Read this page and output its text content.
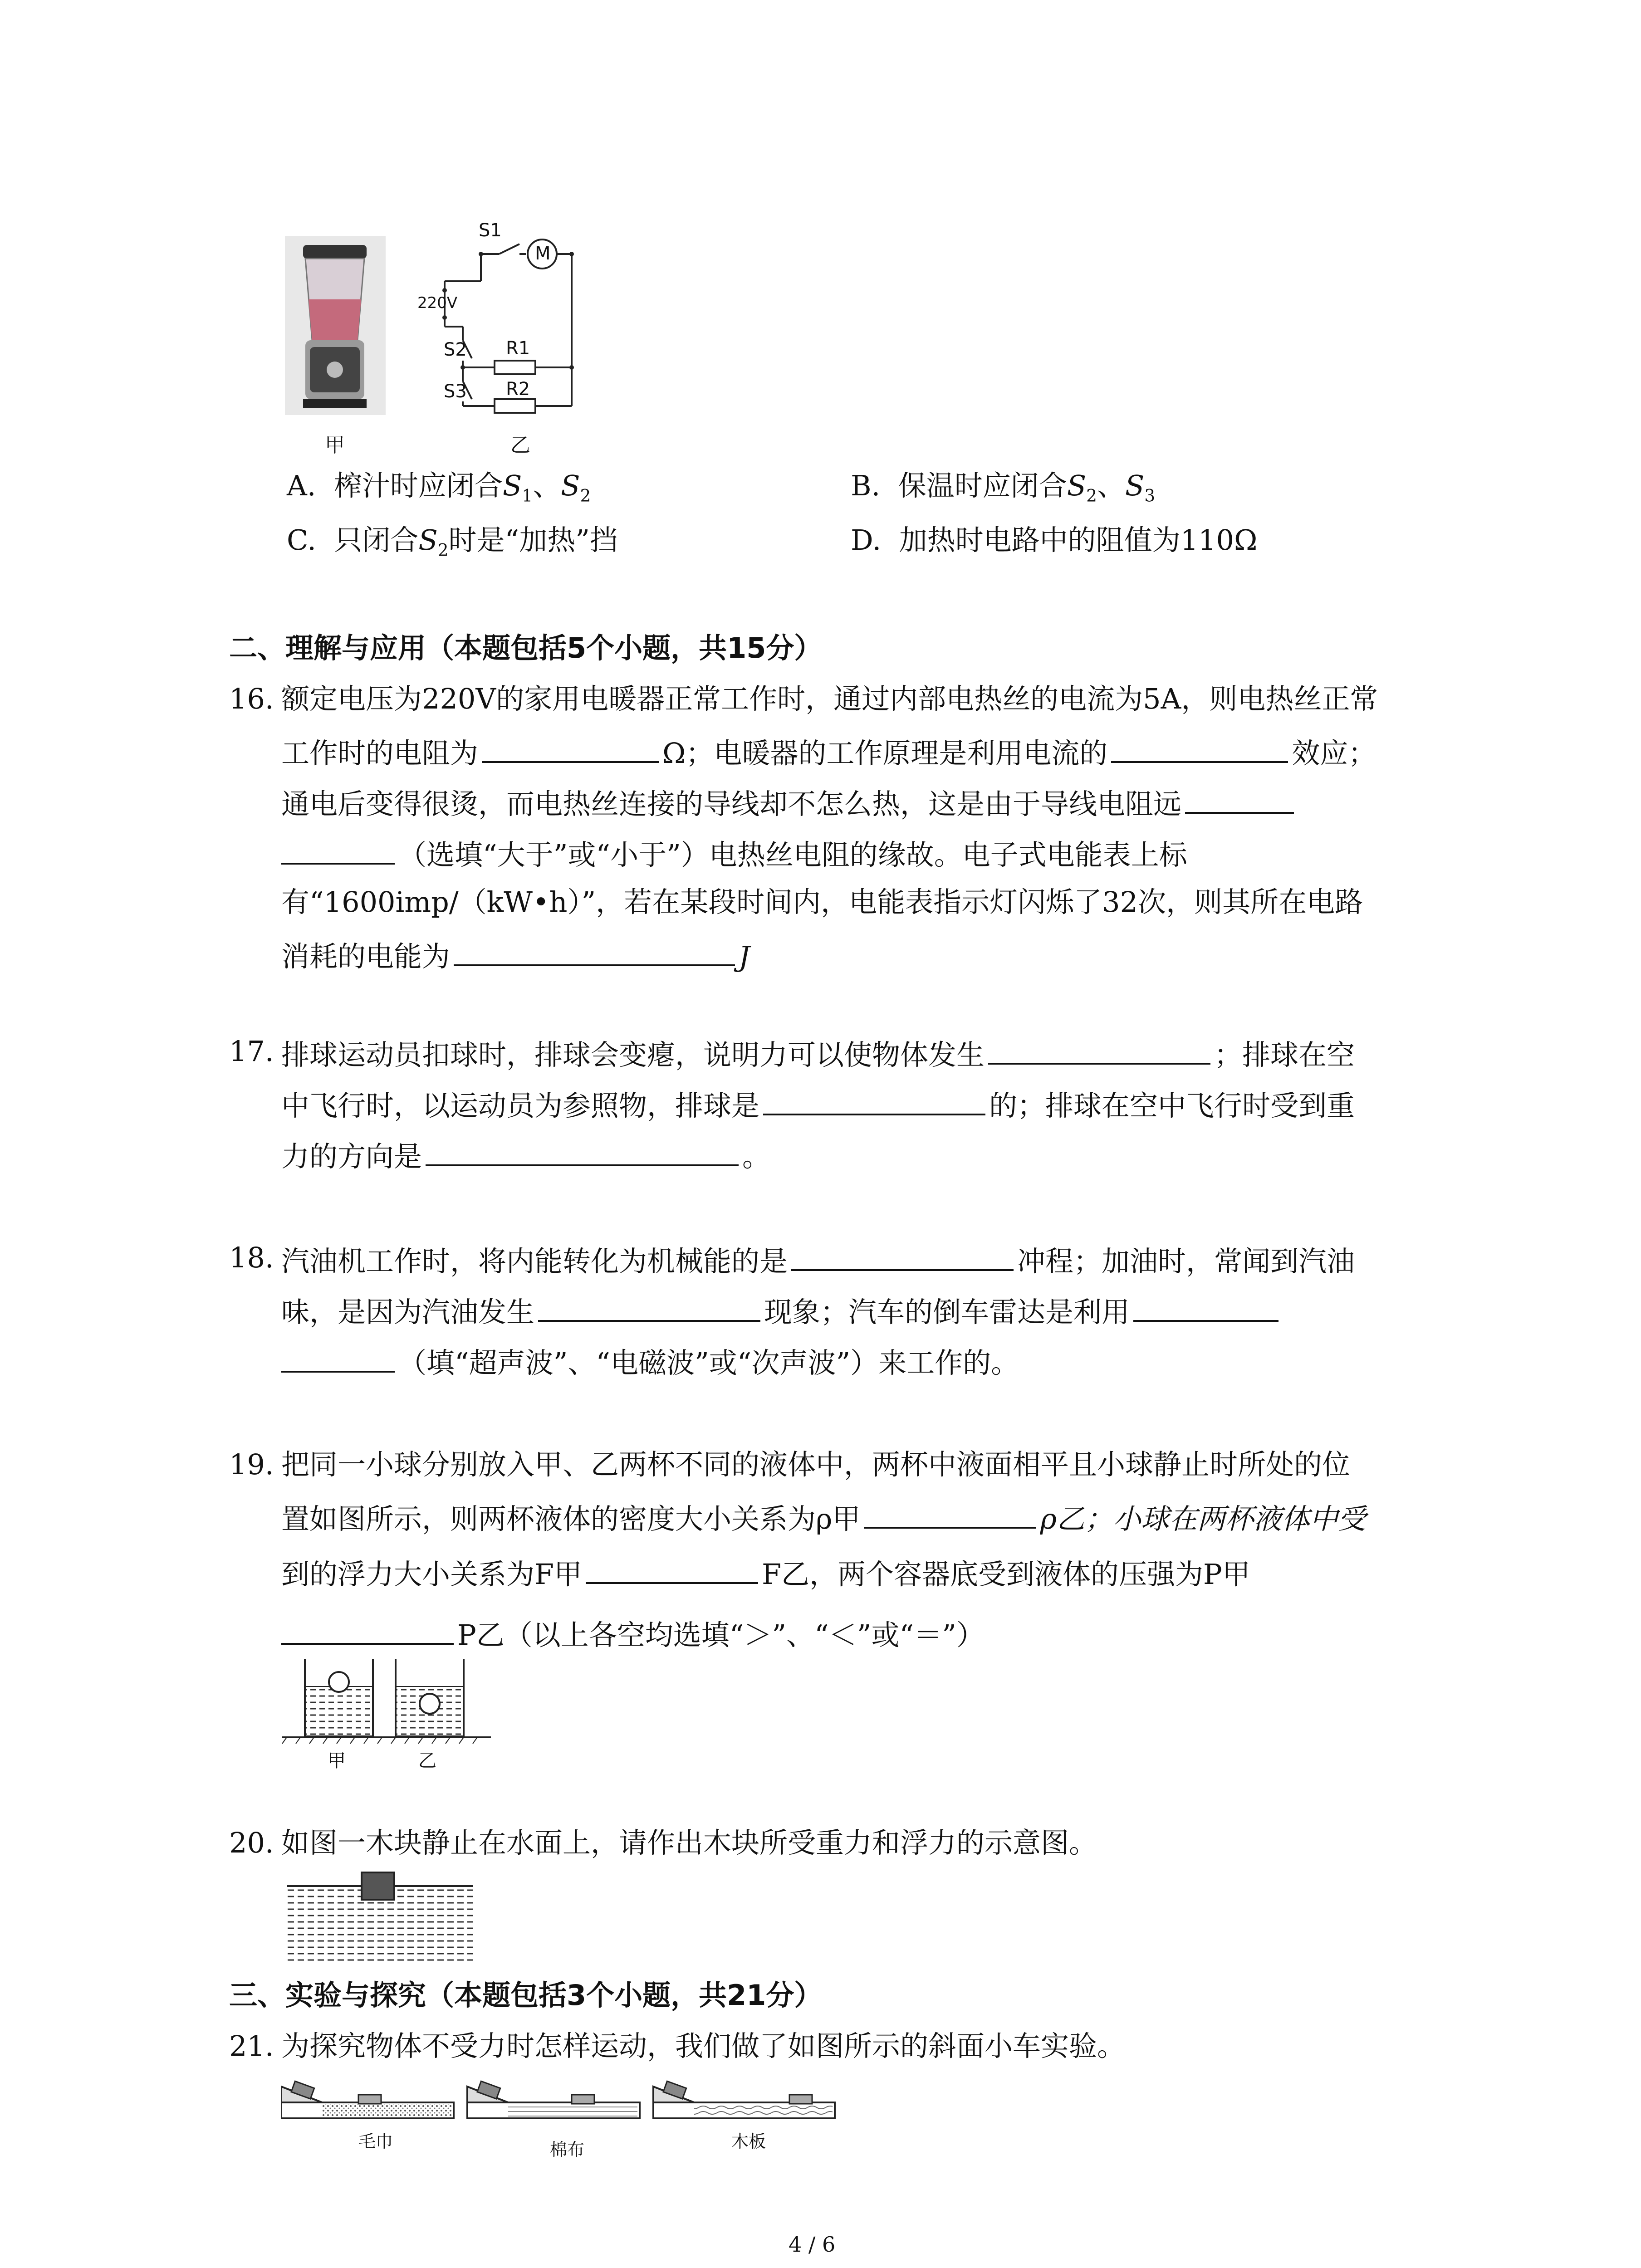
甲
S1
M
220V
S2 R1
S3 R2
乙
A. 榨汁时应闭合$S_1$、$S_2$	B. 保温时应闭合$S_2$、$S_3$
C. 只闭合$S_2$时是“加热”挡	D. 加热时电路中的阻值为110Ω
二、理解与应用（本题包括5个小题，共15分）
16. 额定电压为220V的家用电暖器正常工作时，通过内部电热丝的电流为5A，则电热丝正常
工作时的电阻为	Ω；电暖器的工作原理是利用电流的	效应；
通电后变得很烫，而电热丝连接的导线却不怎么热，这是由于导线电阻远
（选填“大于”或“小于”）电热丝电阻的缘故。电子式电能表上标
有“1600imp/（kW•h）”，若在某段时间内，电能表指示灯闪烁了32次，则其所在电路
消耗的电能为	J
17. 排球运动员扣球时，排球会变瘪，说明力可以使物体发生	；排球在空
中飞行时，以运动员为参照物，排球是	的；排球在空中飞行时受到重
力的方向是	。
18. 汽油机工作时，将内能转化为机械能的是	冲程；加油时，常闻到汽油
味，是因为汽油发生	现象；汽车的倒车雷达是利用
（填“超声波”、“电磁波”或“次声波”）来工作的。
19. 把同一小球分别放入甲、乙两杯不同的液体中，两杯中液面相平且小球静止时所处的位
置如图所示，则两杯液体的密度大小关系为ρ甲	ρ乙；小球在两杯液体中受
到的浮力大小关系为F甲	F乙，两个容器底受到液体的压强为P甲
P乙（以上各空均选填“＞”、“＜”或“＝”）
甲	乙
20. 如图一木块静止在水面上，请作出木块所受重力和浮力的示意图。
三、实验与探究（本题包括3个小题，共21分）
21. 为探究物体不受力时怎样运动，我们做了如图所示的斜面小车实验。
毛巾	棉布	木板
4 / 6
